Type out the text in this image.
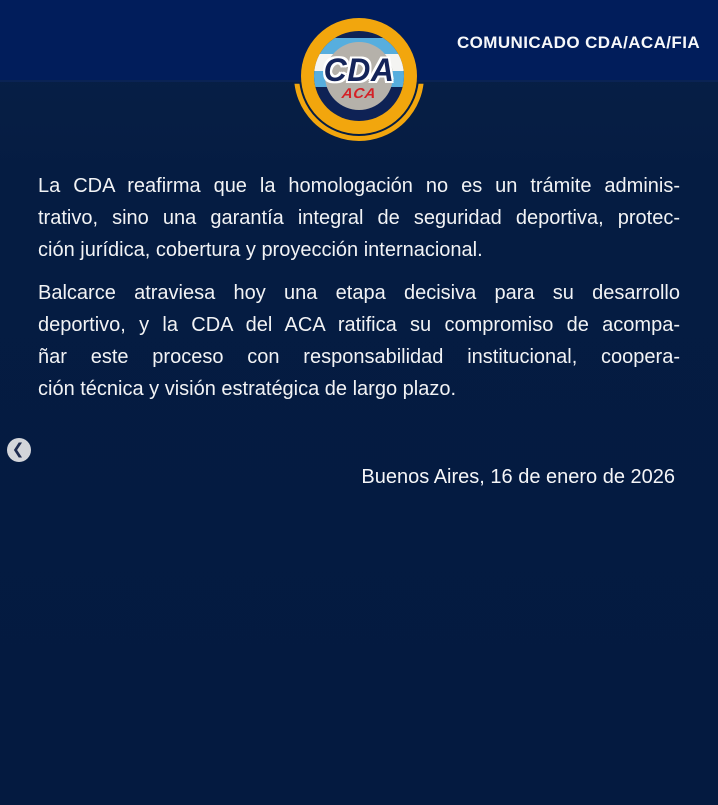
COMUNICADO CDA/ACA/FIA
CDA
ACA

La CDA reafirma que la homologación no es un trámite adminis-
trativo, sino una garantía integral de seguridad deportiva, protec-
ción jurídica, cobertura y proyección internacional.

Balcarce atraviesa hoy una etapa decisiva para su desarrollo
deportivo, y la CDA del ACA ratifica su compromiso de acompa-
ñar este proceso con responsabilidad institucional, coopera-
ción técnica y visión estratégica de largo plazo.

Buenos Aires, 16 de enero de 2026
❮
